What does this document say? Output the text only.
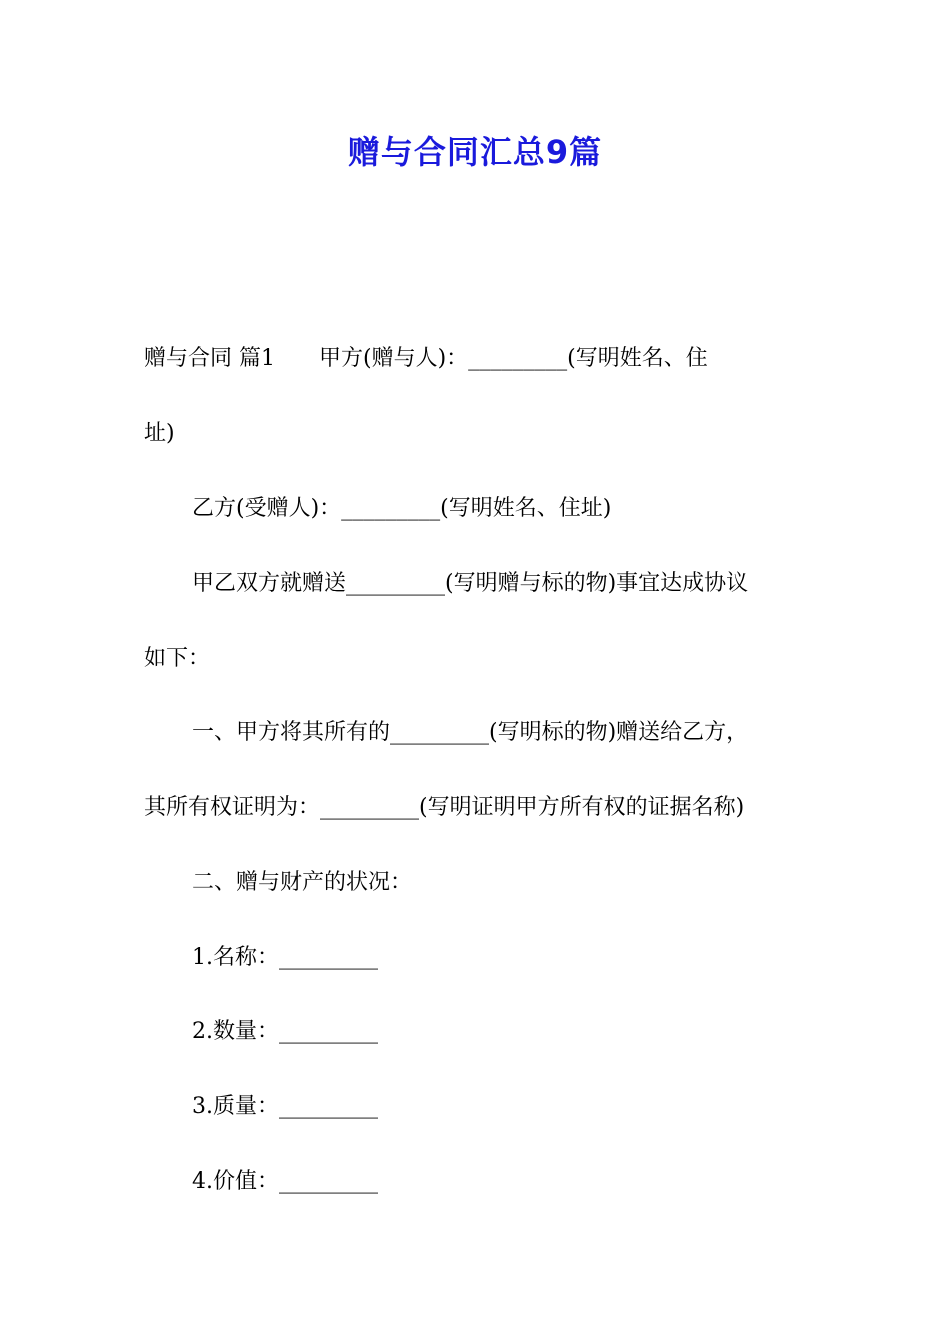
赠与合同汇总9篇

赠与合同 篇1 甲方(赠与人)：_________(写明姓名、住

址)

乙方(受赠人)：_________(写明姓名、住址)

甲乙双方就赠送_________(写明赠与标的物)事宜达成协议

如下：

一、甲方将其所有的_________(写明标的物)赠送给乙方，

其所有权证明为：_________(写明证明甲方所有权的证据名称)

二、赠与财产的状况：

1.名称：_________

2.数量：_________

3.质量：_________

4.价值：_________
